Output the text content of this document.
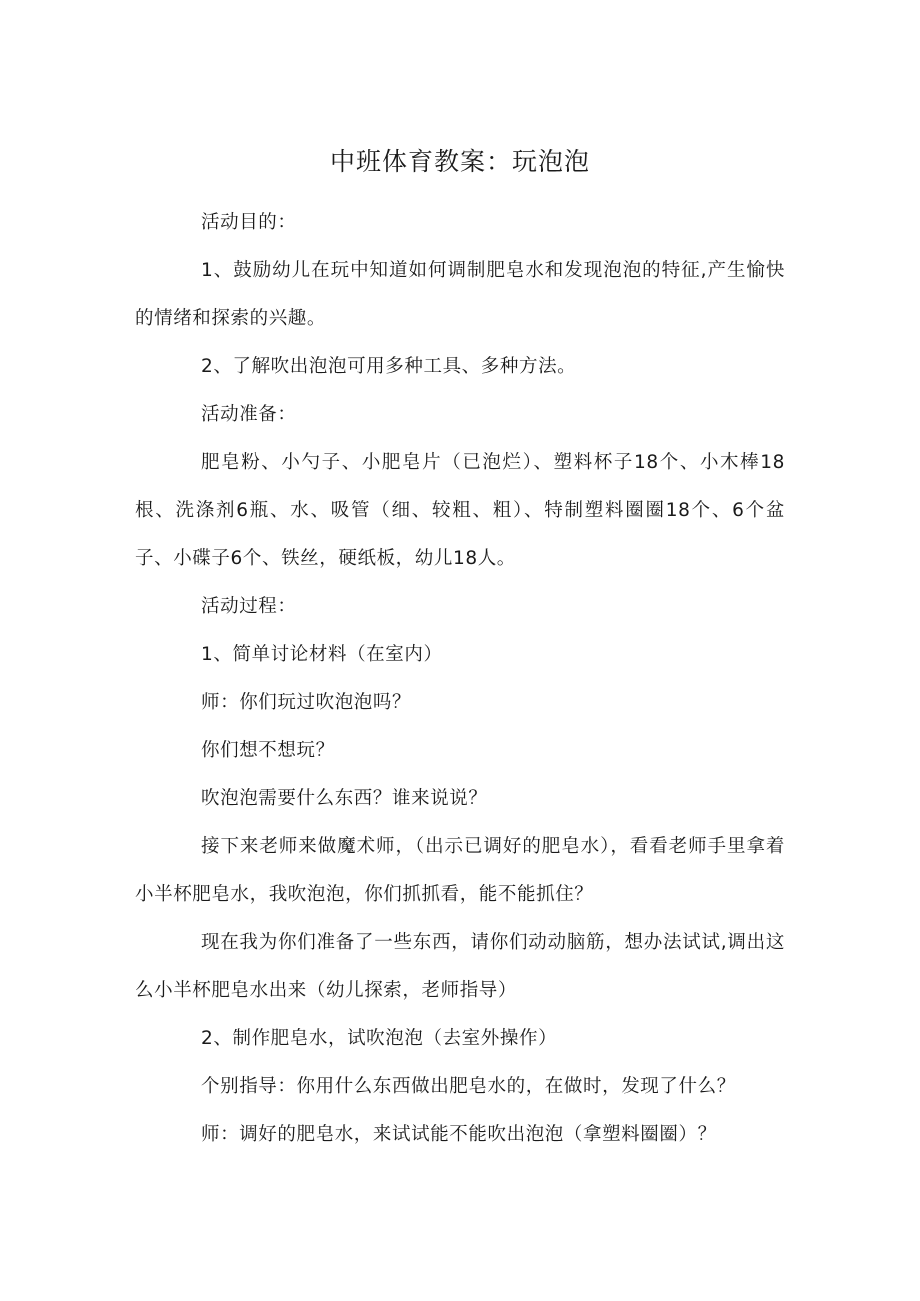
中班体育教案：玩泡泡

活动目的：

1、鼓励幼儿在玩中知道如何调制肥皂水和发现泡泡的特征,产生愉快的情绪和探索的兴趣。

2、了解吹出泡泡可用多种工具、多种方法。

活动准备：

肥皂粉、小勺子、小肥皂片（已泡烂）、塑料杯子18个、小木棒18根、洗涤剂6瓶、水、吸管（细、较粗、粗）、特制塑料圈圈18个、6个盆子、小碟子6个、铁丝，硬纸板，幼儿18人。

活动过程：

1、简单讨论材料（在室内）

师：你们玩过吹泡泡吗？

你们想不想玩？

吹泡泡需要什么东西？谁来说说？

接下来老师来做魔术师，（出示已调好的肥皂水），看看老师手里拿着小半杯肥皂水，我吹泡泡，你们抓抓看，能不能抓住？

现在我为你们准备了一些东西，请你们动动脑筋，想办法试试,调出这么小半杯肥皂水出来（幼儿探索，老师指导）

2、制作肥皂水，试吹泡泡（去室外操作）

个别指导：你用什么东西做出肥皂水的，在做时，发现了什么？

师：调好的肥皂水，来试试能不能吹出泡泡（拿塑料圈圈）？
